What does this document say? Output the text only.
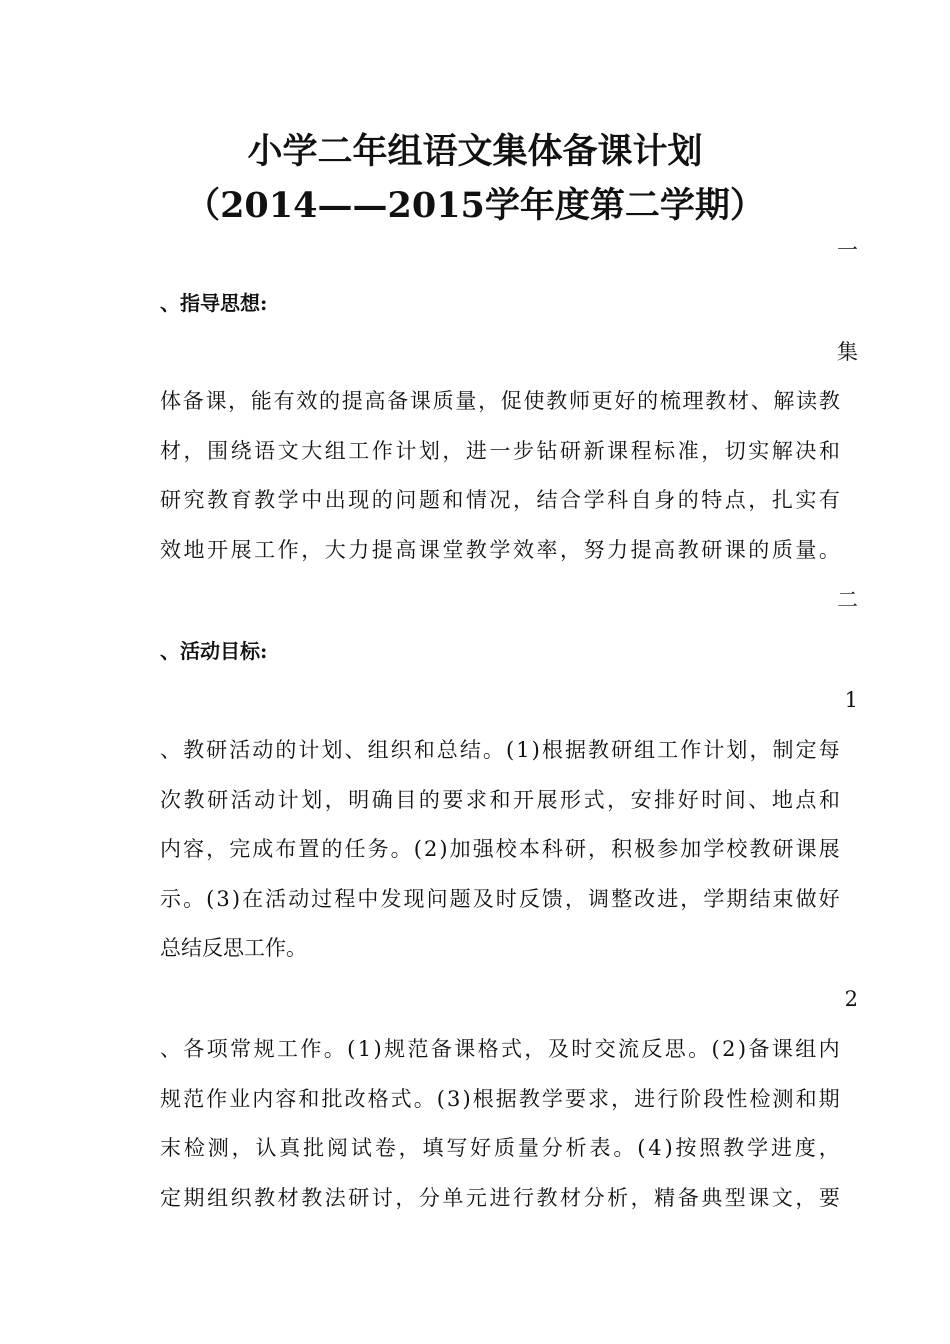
小学二年组语文集体备课计划
（2014——2015学年度第二学期）
一
、指导思想:
集
体 备 课 ， 能 有 效 的 提 高 备 课 质 量 ， 促 使 教 师 更 好 的 梳 理 教 材 、 解 读 教
材 ， 围 绕 语 文 大 组 工 作 计 划 ， 进 一 步 钻 研 新 课 程 标 准 ， 切 实 解 决 和
研 究 教 育 教 学 中 出 现 的 问 题 和 情 况 ， 结 合 学 科 自 身 的 特 点 ， 扎 实 有
效 地 开 展 工 作 ， 大 力 提 高 课 堂 教 学 效 率 ， 努 力 提 高 教 研 课 的 质 量 。
二
、活动目标:
1
、 教 研 活 动 的 计 划 、 组 织 和 总 结 。 ( 1 ) 根 据 教 研 组 工 作 计 划 ， 制 定 每
次 教 研 活 动 计 划 ， 明 确 目 的 要 求 和 开 展 形 式 ， 安 排 好 时 间 、 地 点 和
内 容 ， 完 成 布 置 的 任 务 。 ( 2 ) 加 强 校 本 科 研 ， 积 极 参 加 学 校 教 研 课 展
示 。 ( 3 ) 在 活 动 过 程 中 发 现 问 题 及 时 反 馈 ， 调 整 改 进 ， 学 期 结 束 做 好
总结反思工作。
2
、 各 项 常 规 工 作 。 ( 1 ) 规 范 备 课 格 式 ， 及 时 交 流 反 思 。 ( 2 ) 备 课 组 内
规 范 作 业 内 容 和 批 改 格 式 。 ( 3 ) 根 据 教 学 要 求 ， 进 行 阶 段 性 检 测 和 期
末 检 测 ， 认 真 批 阅 试 卷 ， 填 写 好 质 量 分 析 表 。 ( 4 ) 按 照 教 学 进 度 ，
定 期 组 织 教 材 教 法 研 讨 ， 分 单 元 进 行 教 材 分 析 ， 精 备 典 型 课 文 ， 要
